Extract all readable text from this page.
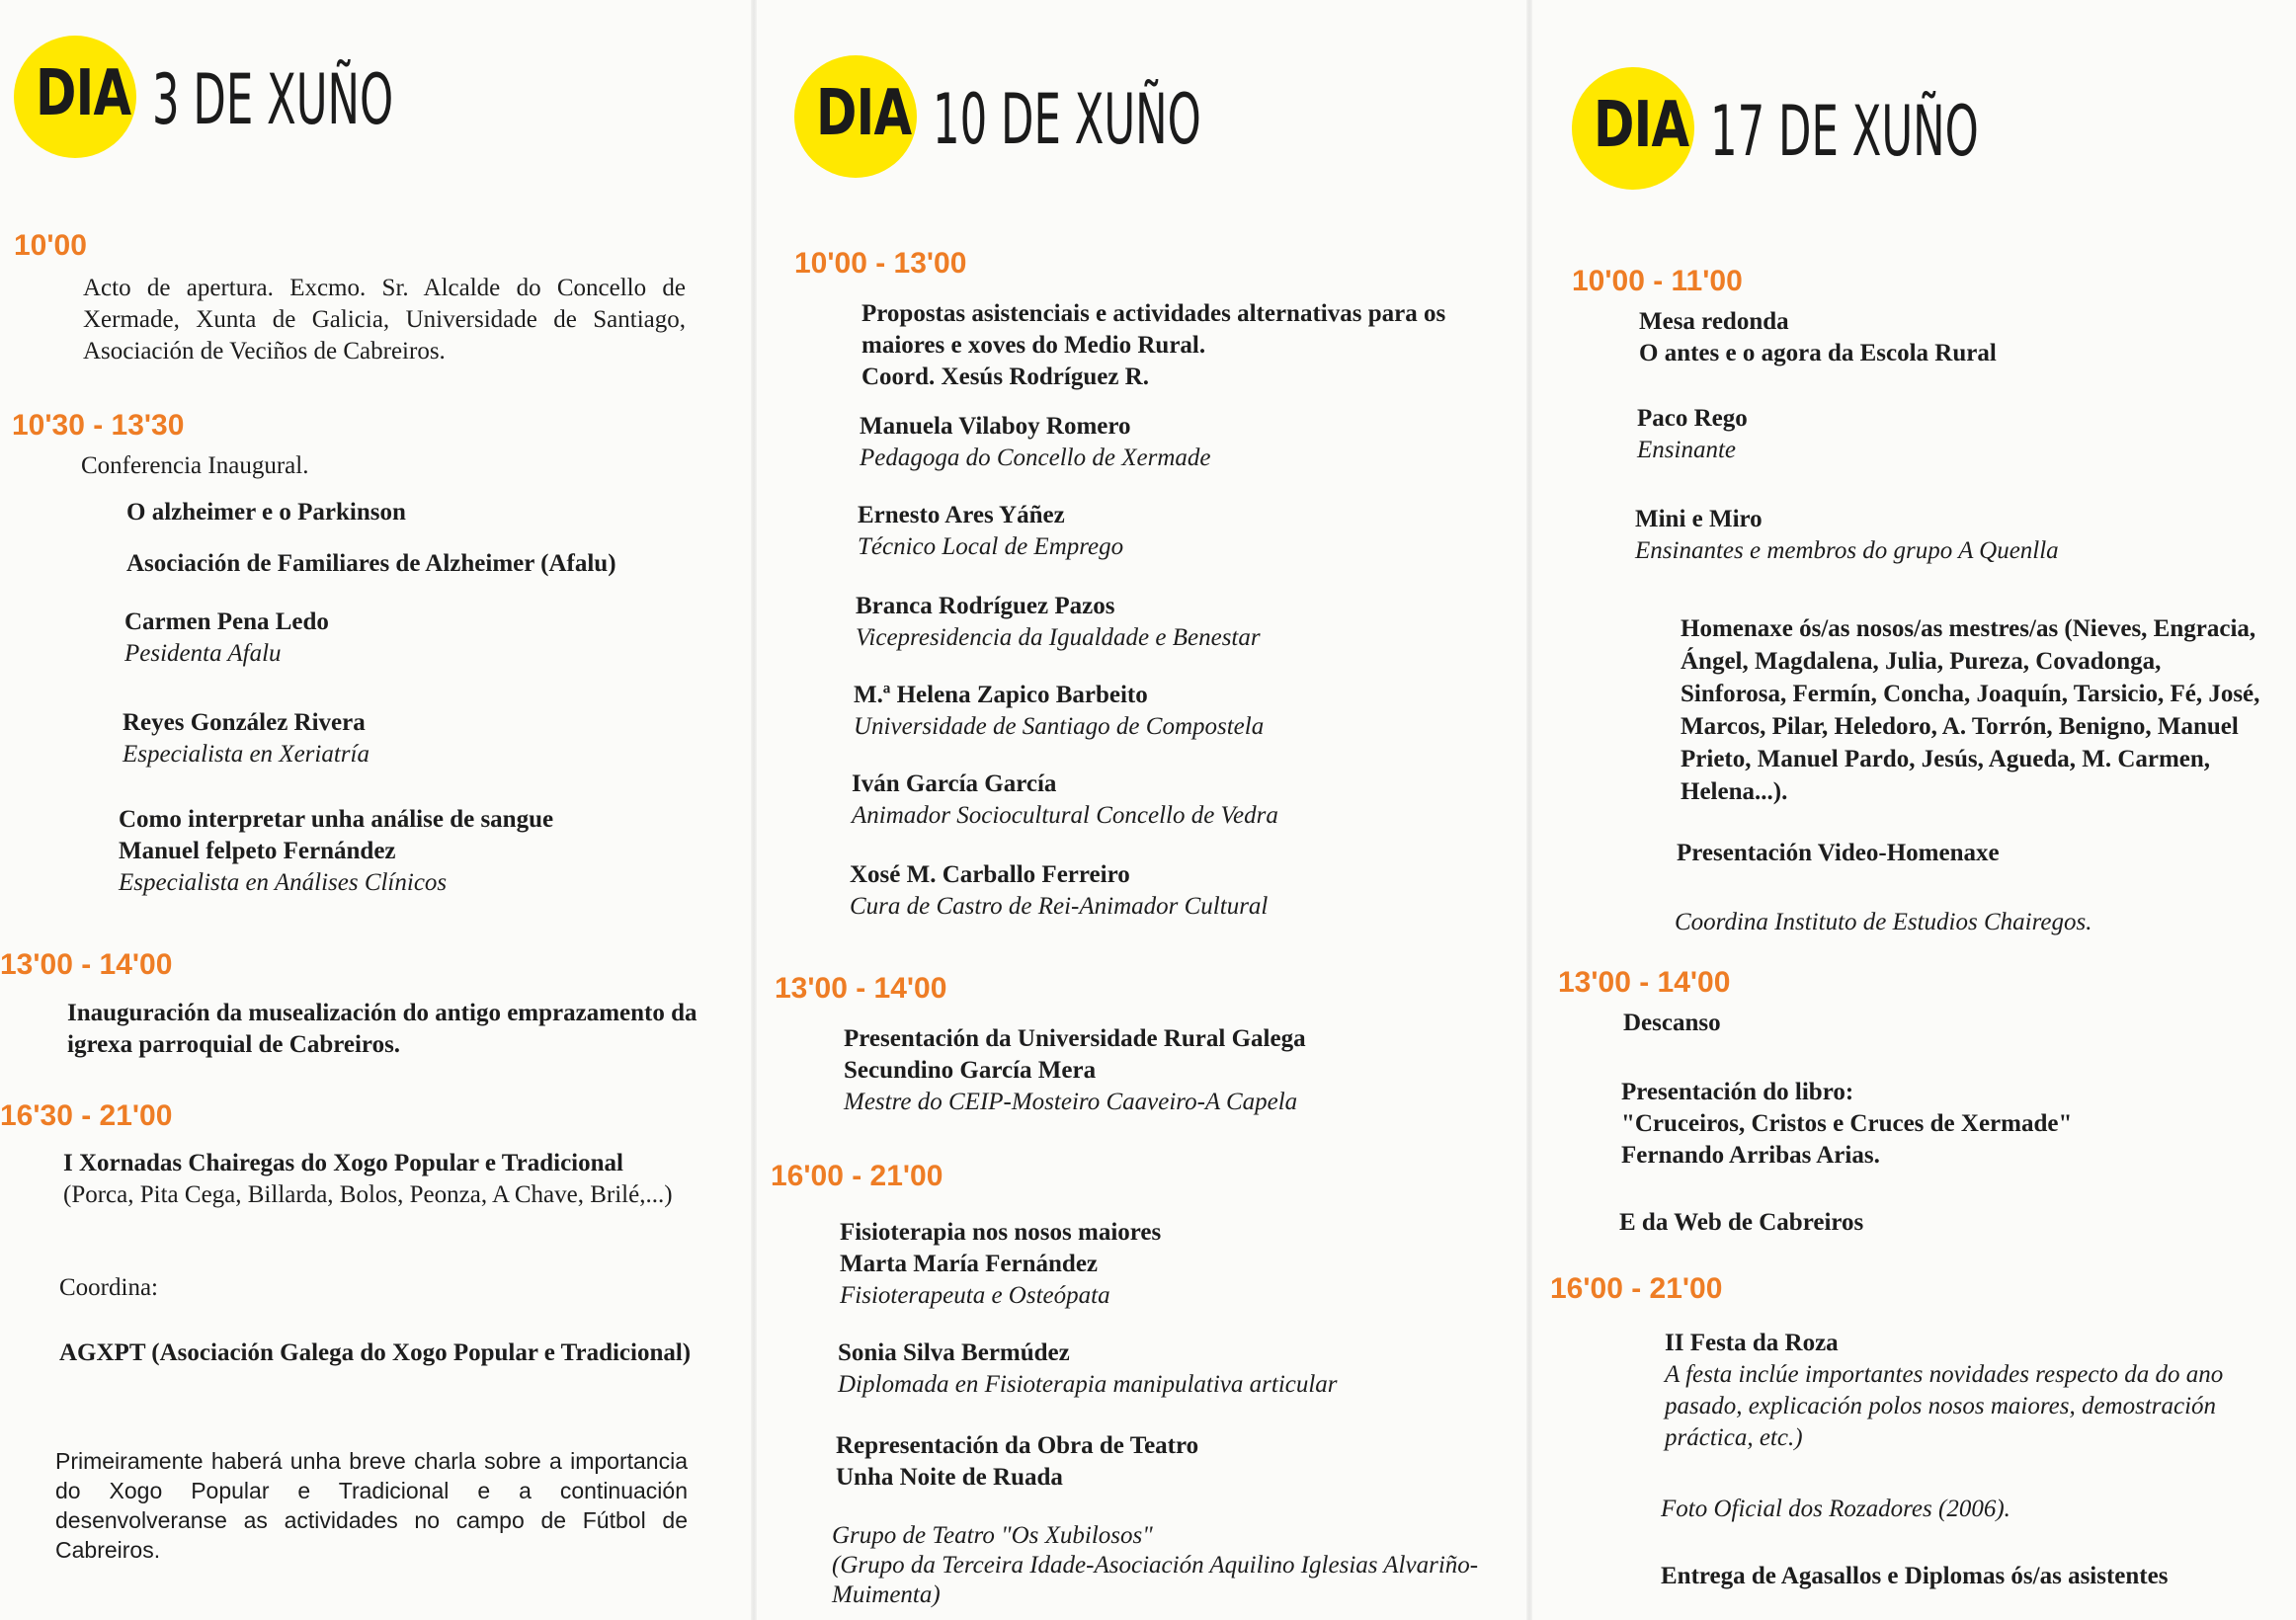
DIA 3 DE XUÑO
10'00
Acto de apertura. Excmo. Sr. Alcalde do Concello de Xermade, Xunta de Galicia, Universidade de Santiago, Asociación de Veciños de Cabreiros.
10'30 - 13'30
Conferencia Inaugural.
O alzheimer e o Parkinson
Asociación de Familiares de Alzheimer (Afalu)
Carmen Pena Ledo
Pesidenta Afalu
Reyes González Rivera
Especialista en Xeriatría
Como interpretar unha análise de sangue
Manuel felpeto Fernández
Especialista en Análises Clínicos
13'00 - 14'00
Inauguración da musealización do antigo emprazamento da igrexa parroquial de Cabreiros.
16'30 - 21'00
I Xornadas Chairegas do Xogo Popular e Tradicional
(Porca, Pita Cega, Billarda, Bolos, Peonza, A Chave, Brilé,...)
Coordina:
AGXPT (Asociación Galega do Xogo Popular e Tradicional)
Primeiramente haberá unha breve charla sobre a importancia do Xogo Popular e Tradicional e a continuación desenvolveranse as actividades no campo de Fútbol de Cabreiros.
DIA 10 DE XUÑO
10'00 - 13'00
Propostas asistenciais e actividades alternativas para os maiores e xoves do Medio Rural.
Coord. Xesús Rodríguez R.
Manuela Vilaboy Romero
Pedagoga do Concello de Xermade
Ernesto Ares Yáñez
Técnico Local de Emprego
Branca Rodríguez Pazos
Vicepresidencia da Igualdade e Benestar
M.ª Helena Zapico Barbeito
Universidade de Santiago de Compostela
Iván García García
Animador Sociocultural Concello de Vedra
Xosé M. Carballo Ferreiro
Cura de Castro de Rei-Animador Cultural
13'00 - 14'00
Presentación da Universidade Rural Galega
Secundino García Mera
Mestre do CEIP-Mosteiro Caaveiro-A Capela
16'00 - 21'00
Fisioterapia nos nosos maiores
Marta María Fernández
Fisioterapeuta e Osteópata
Sonia Silva Bermúdez
Diplomada en Fisioterapia manipulativa articular
Representación da Obra de Teatro
Unha Noite de Ruada
Grupo de Teatro "Os Xubilosos"
(Grupo da Terceira Idade-Asociación Aquilino Iglesias Alvariño-Muimenta)
DIA 17 DE XUÑO
10'00 - 11'00
Mesa redonda
O antes e o agora da Escola Rural
Paco Rego
Ensinante
Mini e Miro
Ensinantes e membros do grupo A Quenlla
Homenaxe ós/as nosos/as mestres/as (Nieves, Engracia, Ángel, Magdalena, Julia, Pureza, Covadonga, Sinforosa, Fermín, Concha, Joaquín, Tarsicio, Fé, José, Marcos, Pilar, Heledoro, A. Torrón, Benigno, Manuel Prieto, Manuel Pardo, Jesús, Agueda, M. Carmen, Helena...).
Presentación Video-Homenaxe
Coordina Instituto de Estudios Chairegos.
13'00 - 14'00
Descanso
Presentación do libro:
"Cruceiros, Cristos e Cruces de Xermade"
Fernando Arribas Arias.
E da Web de Cabreiros
16'00 - 21'00
II Festa da Roza
A festa inclúe importantes novidades respecto da do ano pasado, explicación polos nosos maiores, demostración práctica, etc.)
Foto Oficial dos Rozadores (2006).
Entrega de Agasallos e Diplomas ós/as asistentes
